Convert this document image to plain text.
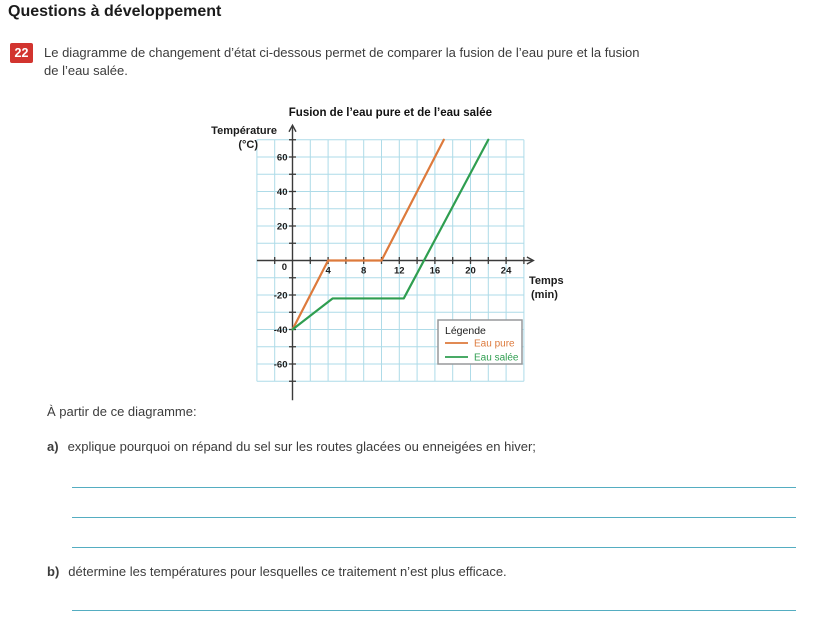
Questions à développement
22	Le diagramme de changement d’état ci-dessous permet de comparer la fusion de l’eau pure et la fusion
de l’eau salée.
4	8	12	16	20	24
60
40
20
-20
-40
-60
0
Fusion de l’eau pure et de l’eau salée
Température
(°C)
Temps
(min)
Légende
Eau pure
Eau salée
À partir de ce diagramme:
a) explique pourquoi on répand du sel sur les routes glacées ou enneigées en hiver;
b) détermine les températures pour lesquelles ce traitement n’est plus efficace.
